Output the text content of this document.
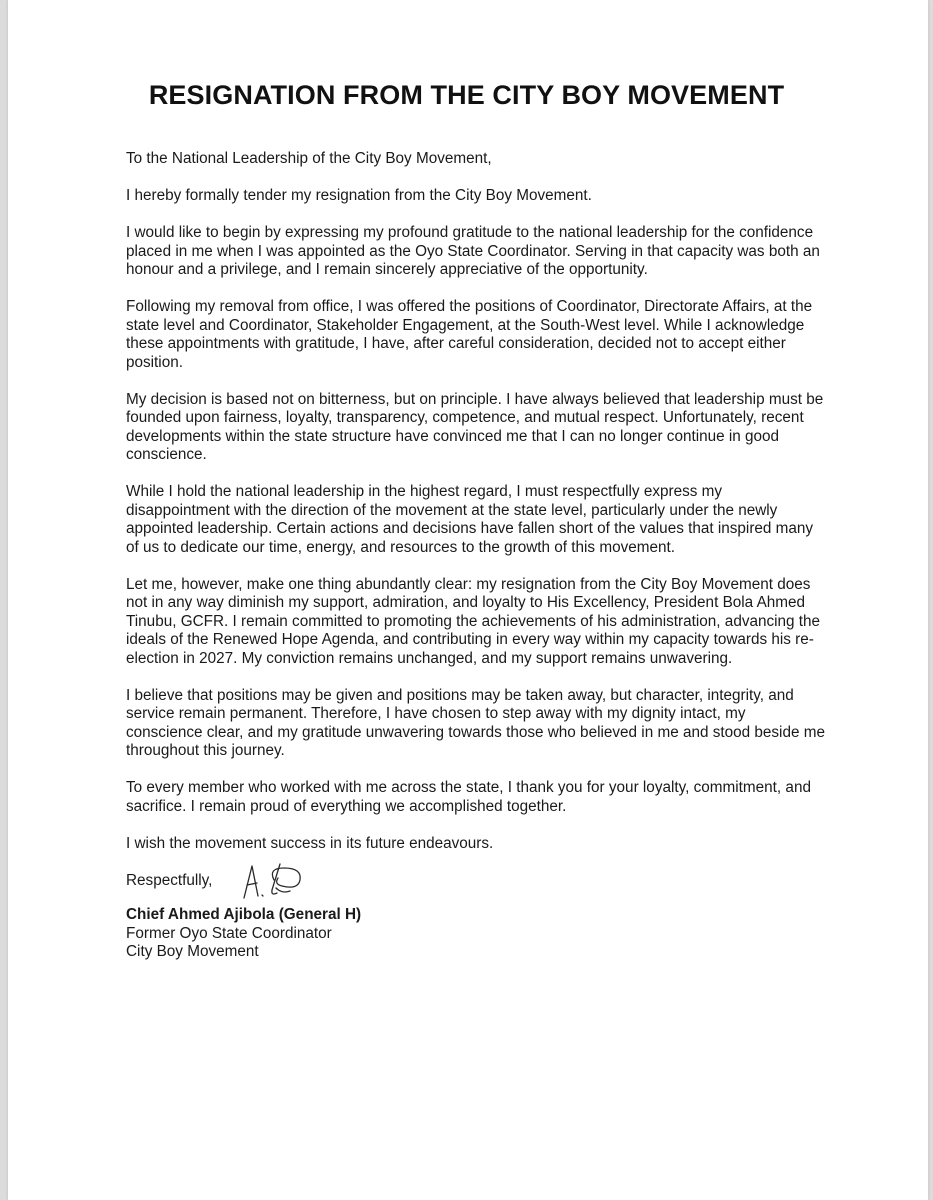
RESIGNATION FROM THE CITY BOY MOVEMENT

To the National Leadership of the City Boy Movement,

I hereby formally tender my resignation from the City Boy Movement.

I would like to begin by expressing my profound gratitude to the national leadership for the confidence placed in me when I was appointed as the Oyo State Coordinator. Serving in that capacity was both an honour and a privilege, and I remain sincerely appreciative of the opportunity.

Following my removal from office, I was offered the positions of Coordinator, Directorate Affairs, at the state level and Coordinator, Stakeholder Engagement, at the South-West level. While I acknowledge these appointments with gratitude, I have, after careful consideration, decided not to accept either position.

My decision is based not on bitterness, but on principle. I have always believed that leadership must be founded upon fairness, loyalty, transparency, competence, and mutual respect. Unfortunately, recent developments within the state structure have convinced me that I can no longer continue in good conscience.

While I hold the national leadership in the highest regard, I must respectfully express my disappointment with the direction of the movement at the state level, particularly under the newly appointed leadership. Certain actions and decisions have fallen short of the values that inspired many of us to dedicate our time, energy, and resources to the growth of this movement.

Let me, however, make one thing abundantly clear: my resignation from the City Boy Movement does not in any way diminish my support, admiration, and loyalty to His Excellency, President Bola Ahmed Tinubu, GCFR. I remain committed to promoting the achievements of his administration, advancing the ideals of the Renewed Hope Agenda, and contributing in every way within my capacity towards his re-election in 2027. My conviction remains unchanged, and my support remains unwavering.

I believe that positions may be given and positions may be taken away, but character, integrity, and service remain permanent. Therefore, I have chosen to step away with my dignity intact, my conscience clear, and my gratitude unwavering towards those who believed in me and stood beside me throughout this journey.

To every member who worked with me across the state, I thank you for your loyalty, commitment, and sacrifice. I remain proud of everything we accomplished together.

I wish the movement success in its future endeavours.

Respectfully,
Chief Ahmed Ajibola (General H)
Former Oyo State Coordinator
City Boy Movement
